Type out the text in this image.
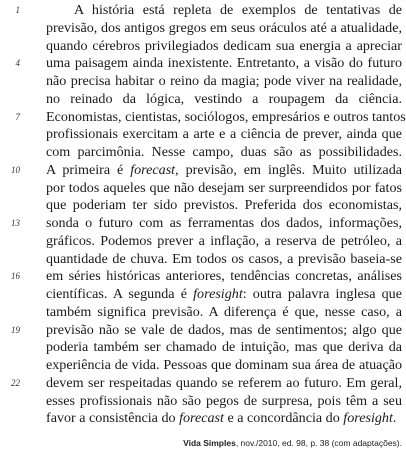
1	A história está repleta de exemplos de tentativas de
previsão, dos antigos gregos em seus oráculos até a atualidade,
quando cérebros privilegiados dedicam sua energia a apreciar
4 uma paisagem ainda inexistente. Entretanto, a visão do futuro
não precisa habitar o reino da magia; pode viver na realidade,
no reinado da lógica, vestindo a roupagem da ciência.
7 Economistas, cientistas, sociólogos, empresários e outros tantos
profissionais exercitam a arte e a ciência de prever, ainda que
com parcimônia. Nesse campo, duas são as possibilidades.
10 A primeira é forecast, previsão, em inglês. Muito utilizada
por todos aqueles que não desejam ser surpreendidos por fatos
que poderiam ter sido previstos. Preferida dos economistas,
13 sonda o futuro com as ferramentas dos dados, informações,
gráficos. Podemos prever a inflação, a reserva de petróleo, a
quantidade de chuva. Em todos os casos, a previsão baseia-se
16 em séries históricas anteriores, tendências concretas, análises
científicas. A segunda é foresight: outra palavra inglesa que
também significa previsão. A diferença é que, nesse caso, a
19 previsão não se vale de dados, mas de sentimentos; algo que
poderia também ser chamado de intuição, mas que deriva da
experiência de vida. Pessoas que dominam sua área de atuação
22 devem ser respeitadas quando se referem ao futuro. Em geral,
esses profissionais não são pegos de surpresa, pois têm a seu
favor a consistência do forecast e a concordância do foresight.
Vida Simples, nov./2010, ed. 98, p. 38 (com adaptações).
